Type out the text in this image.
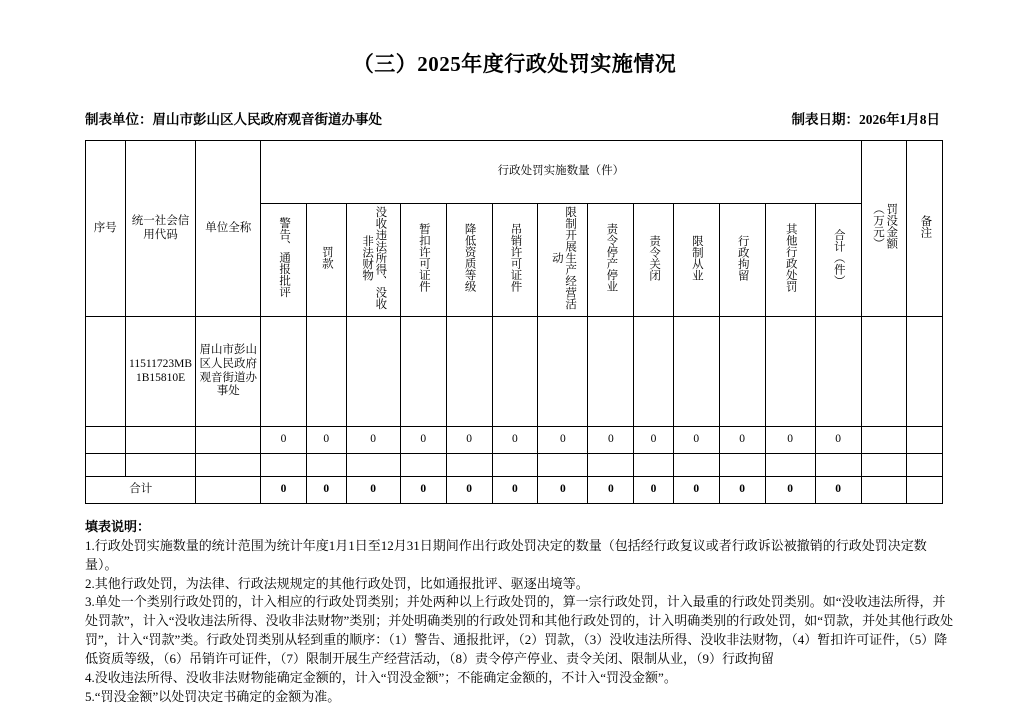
（三）2025年度行政处罚实施情况
制表单位：眉山市彭山区人民政府观音街道办事处	制表日期：2026年1月8日
序号	统一社会信用代码	单位全称	行政处罚实施数量（件）													罚没金额（万元）	备注
			警告、通报批评	罚款	没收违法所得、没收非法财物	暂扣许可证件	降低资质等级	吊销许可证件	限制开展生产经营活动	责令停产停业	责令关闭	限制从业	行政拘留	其他行政处罚	合计（件）		
	11511723MB1B15810E	眉山市彭山区人民政府观音街道办事处															
			0	0	0	0	0	0	0	0	0	0	0	0	0		

合计			0	0	0	0	0	0	0	0	0	0	0	0	0		

填表说明：

1.行政处罚实施数量的统计范围为统计年度1月1日至12月31日期间作出行政处罚决定的数量（包括经行政复议或者行政诉讼被撤销的行政处罚决定数量）。

2.其他行政处罚，为法律、行政法规规定的其他行政处罚，比如通报批评、驱逐出境等。

3.单处一个类别行政处罚的，计入相应的行政处罚类别；并处两种以上行政处罚的，算一宗行政处罚，计入最重的行政处罚类别。如“没收违法所得，并处罚款”，计入“没收违法所得、没收非法财物”类别；并处明确类别的行政处罚和其他行政处罚的，计入明确类别的行政处罚，如“罚款，并处其他行政处罚”，计入“罚款”类。行政处罚类别从轻到重的顺序：（1）警告、通报批评，（2）罚款，（3）没收违法所得、没收非法财物，（4）暂扣许可证件，（5）降低资质等级，（6）吊销许可证件，（7）限制开展生产经营活动，（8）责令停产停业、责令关闭、限制从业，（9）行政拘留

4.没收违法所得、没收非法财物能确定金额的，计入“罚没金额”；不能确定金额的，不计入“罚没金额”。

5.“罚没金额”以处罚决定书确定的金额为准。
